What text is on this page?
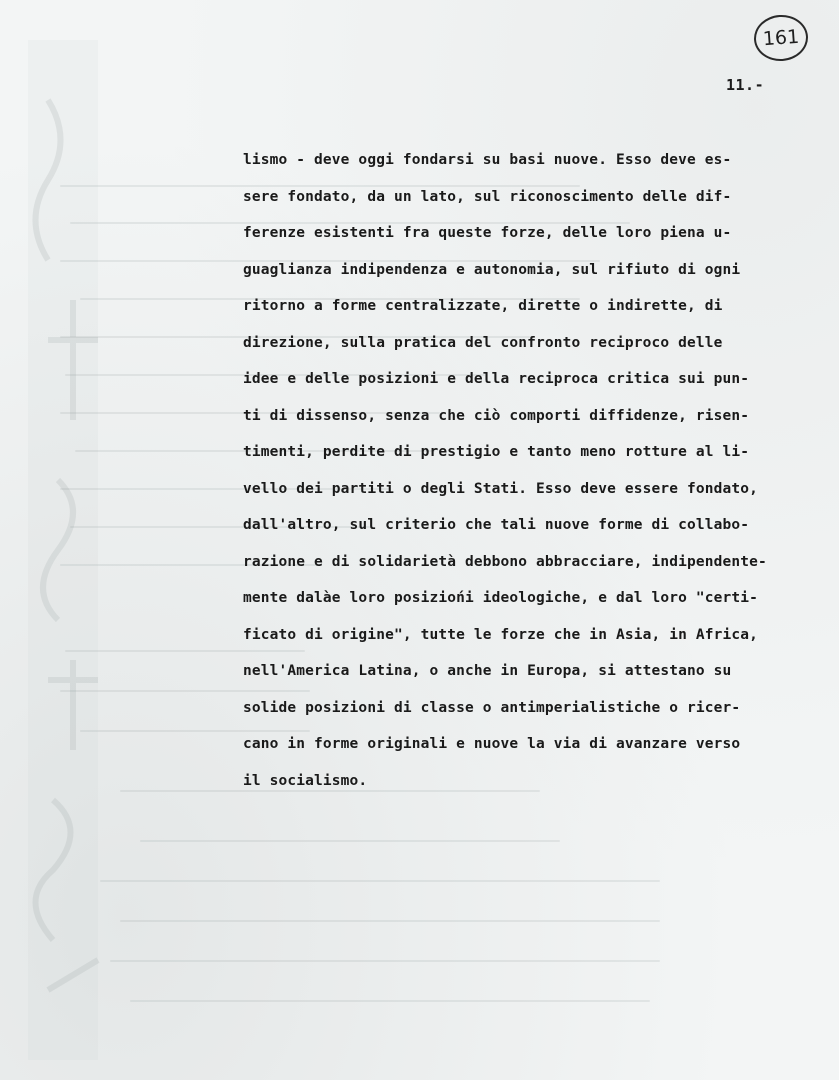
161
11.-
lismo - deve oggi fondarsi su basi nuove. Esso deve es-
sere fondato, da un lato, sul riconoscimento delle dif-
ferenze esistenti fra queste forze, delle loro piena u-
guaglianza indipendenza e autonomia, sul rifiuto di ogni
ritorno a forme centralizzate, dirette o indirette, di
direzione, sulla pratica del confronto reciproco delle
idee e delle posizioni e della reciproca critica sui pun-
ti di dissenso, senza che ciò comporti diffidenze, risen-
timenti, perdite di prestigio e tanto meno rotture al li-
vello dei partiti o degli Stati. Esso deve essere fondato,
dall'altro, sul criterio che tali nuove forme di collabo-
razione e di solidarietà debbono abbracciare, indipendente-
mente dalàe loro posiziońi ideologiche, e dal loro "certi-
ficato di origine", tutte le forze che in Asia, in Africa,
nell'America Latina, o anche in Europa, si attestano su
solide posizioni di classe o antimperialistiche o ricer-
cano in forme originali e nuove la via di avanzare verso
il socialismo.
